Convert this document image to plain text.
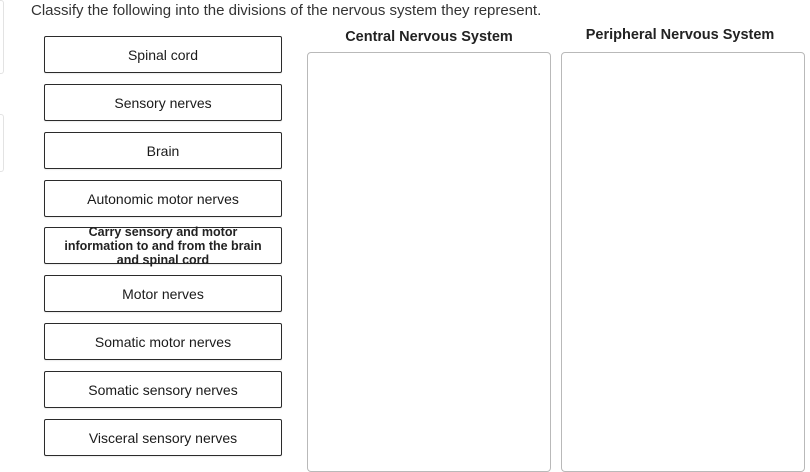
Classify the following into the divisions of the nervous system they represent.
Spinal cord
Sensory nerves
Brain
Autonomic motor nerves
Carry sensory and motor information to and from the brain and spinal cord
Motor nerves
Somatic motor nerves
Somatic sensory nerves
Visceral sensory nerves
Central Nervous System	Peripheral Nervous System
